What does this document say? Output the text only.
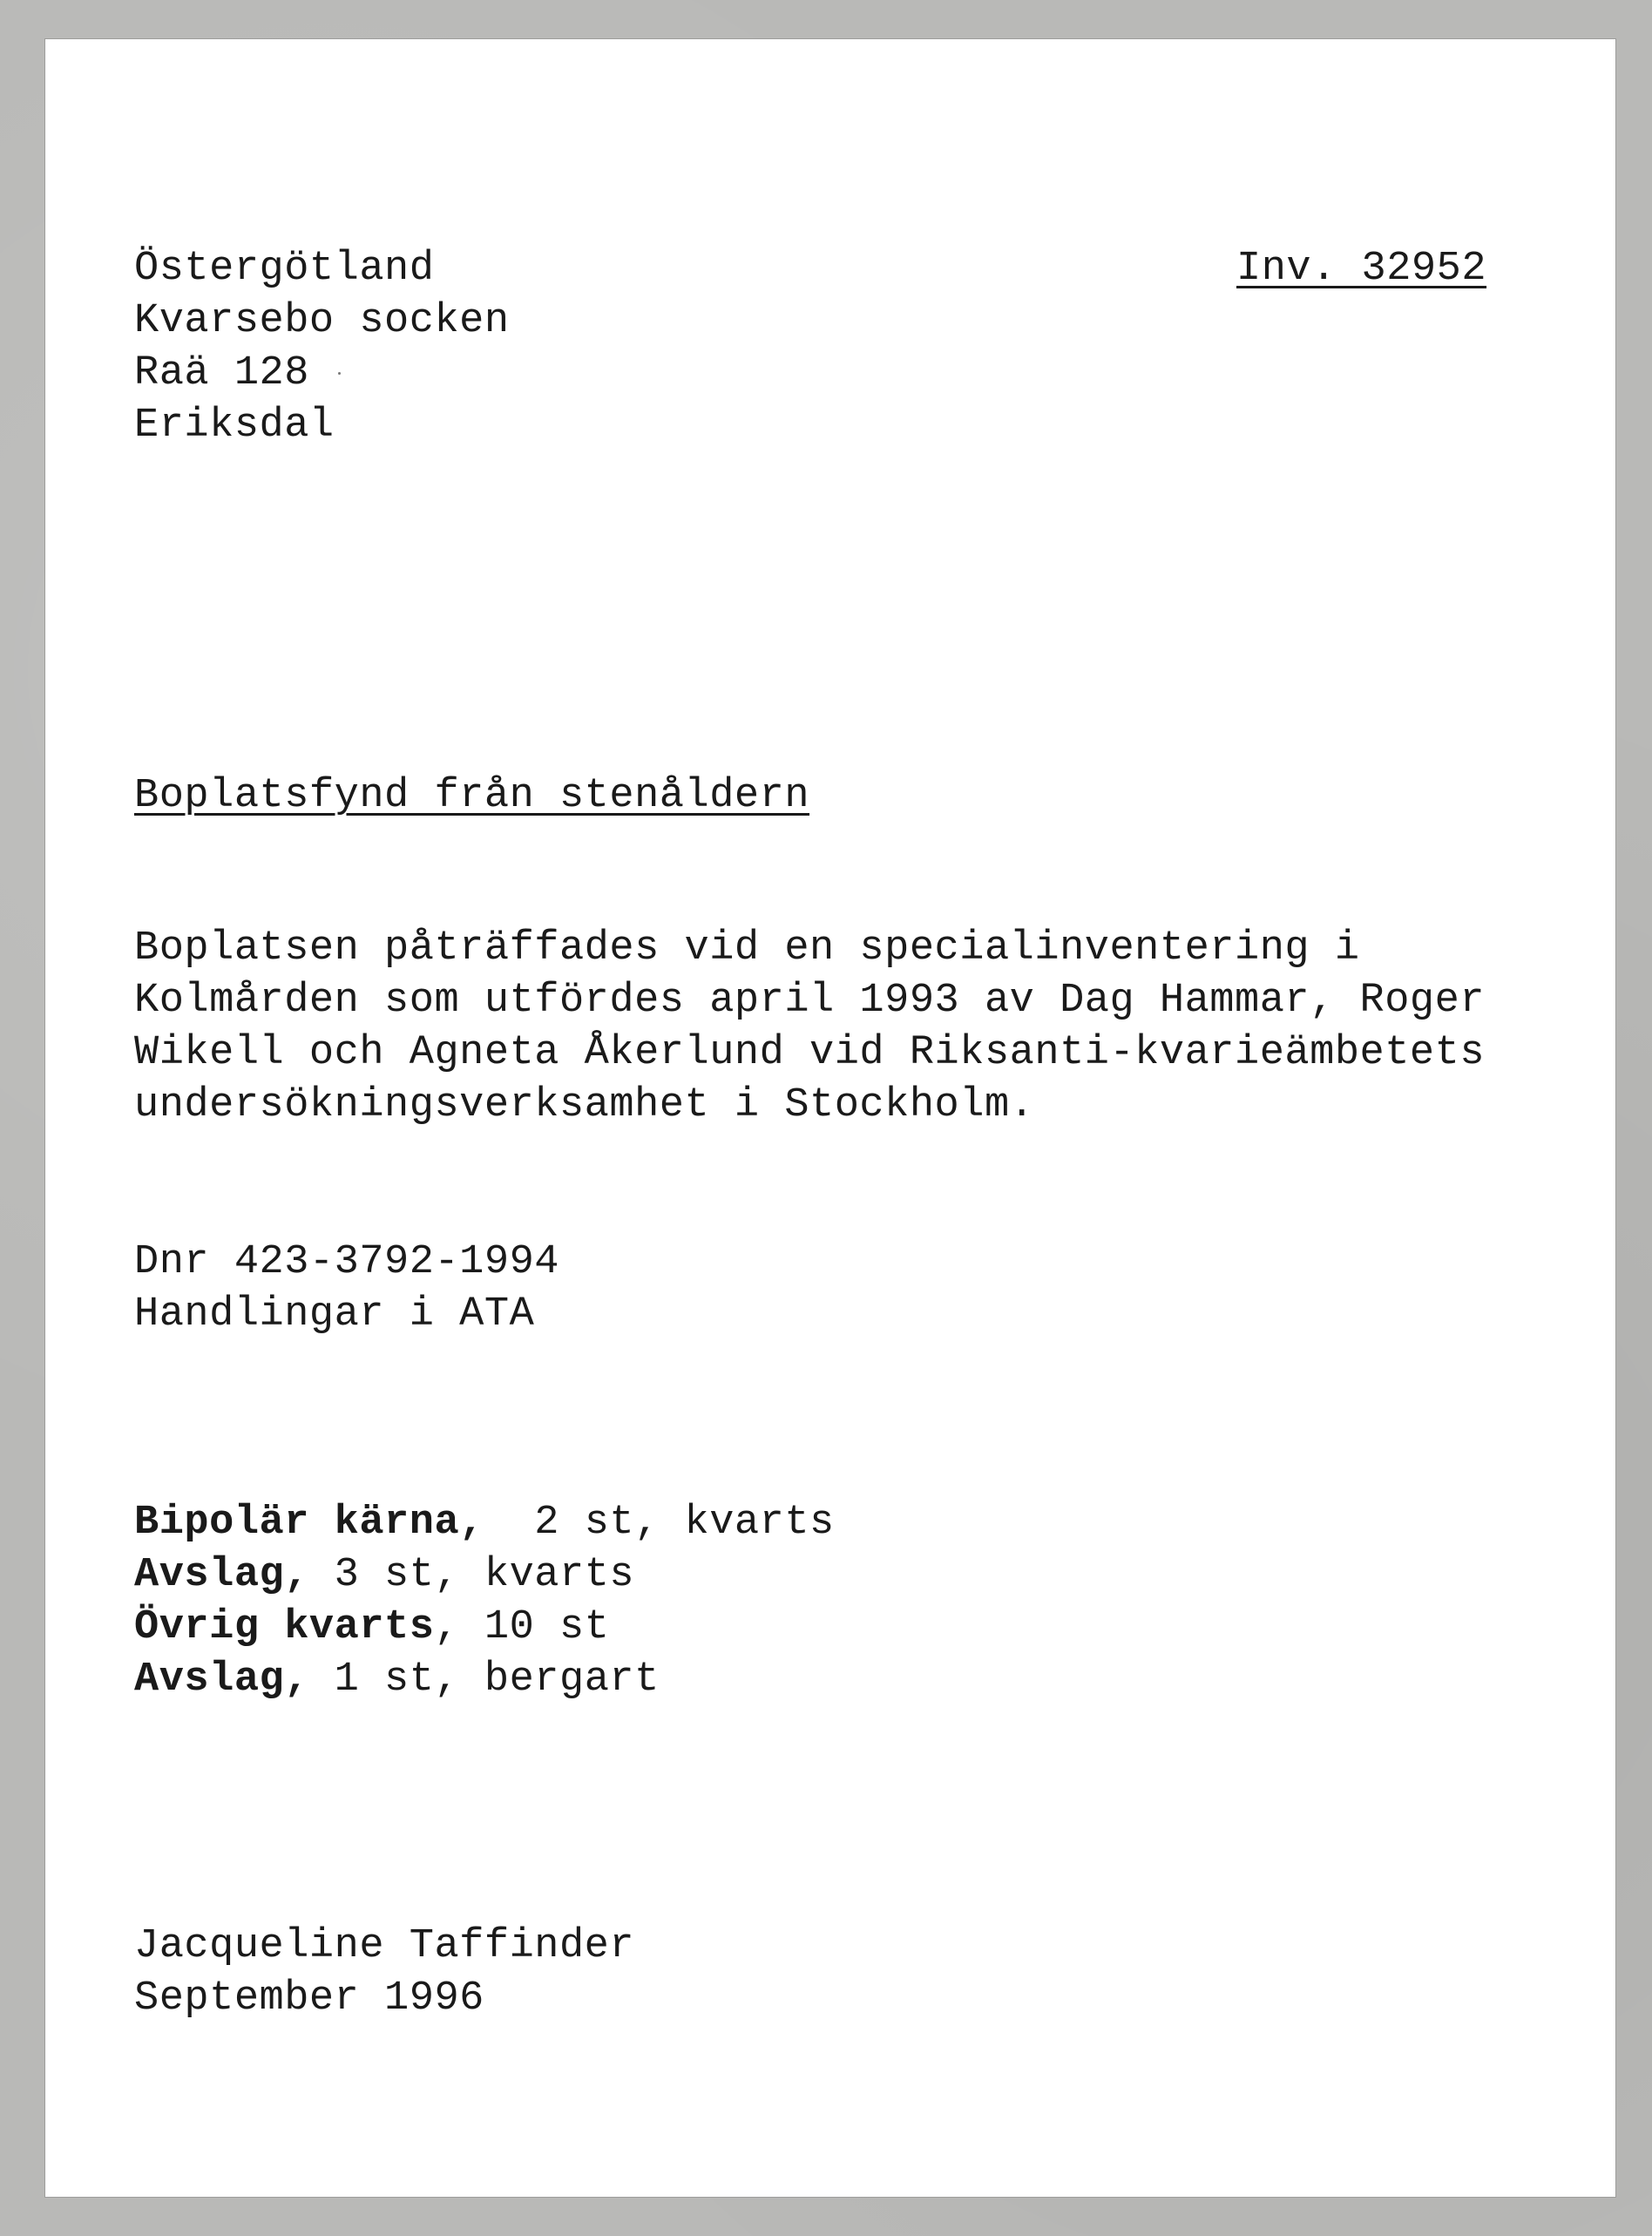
Östergötland
Kvarsebo socken
Raä 128
Eriksdal
Inv. 32952
Boplatsfynd från stenåldern
Boplatsen påträffades vid en specialinventering i
Kolmården som utfördes april 1993 av Dag Hammar, Roger
Wikell och Agneta Åkerlund vid Riksanti-kvarieämbetets
undersökningsverksamhet i Stockholm.
Dnr 423-3792-1994
Handlingar i ATA
Bipolär kärna,  2 st, kvarts
Avslag, 3 st, kvarts
Övrig kvarts, 10 st
Avslag, 1 st, bergart
Jacqueline Taffinder
September 1996
